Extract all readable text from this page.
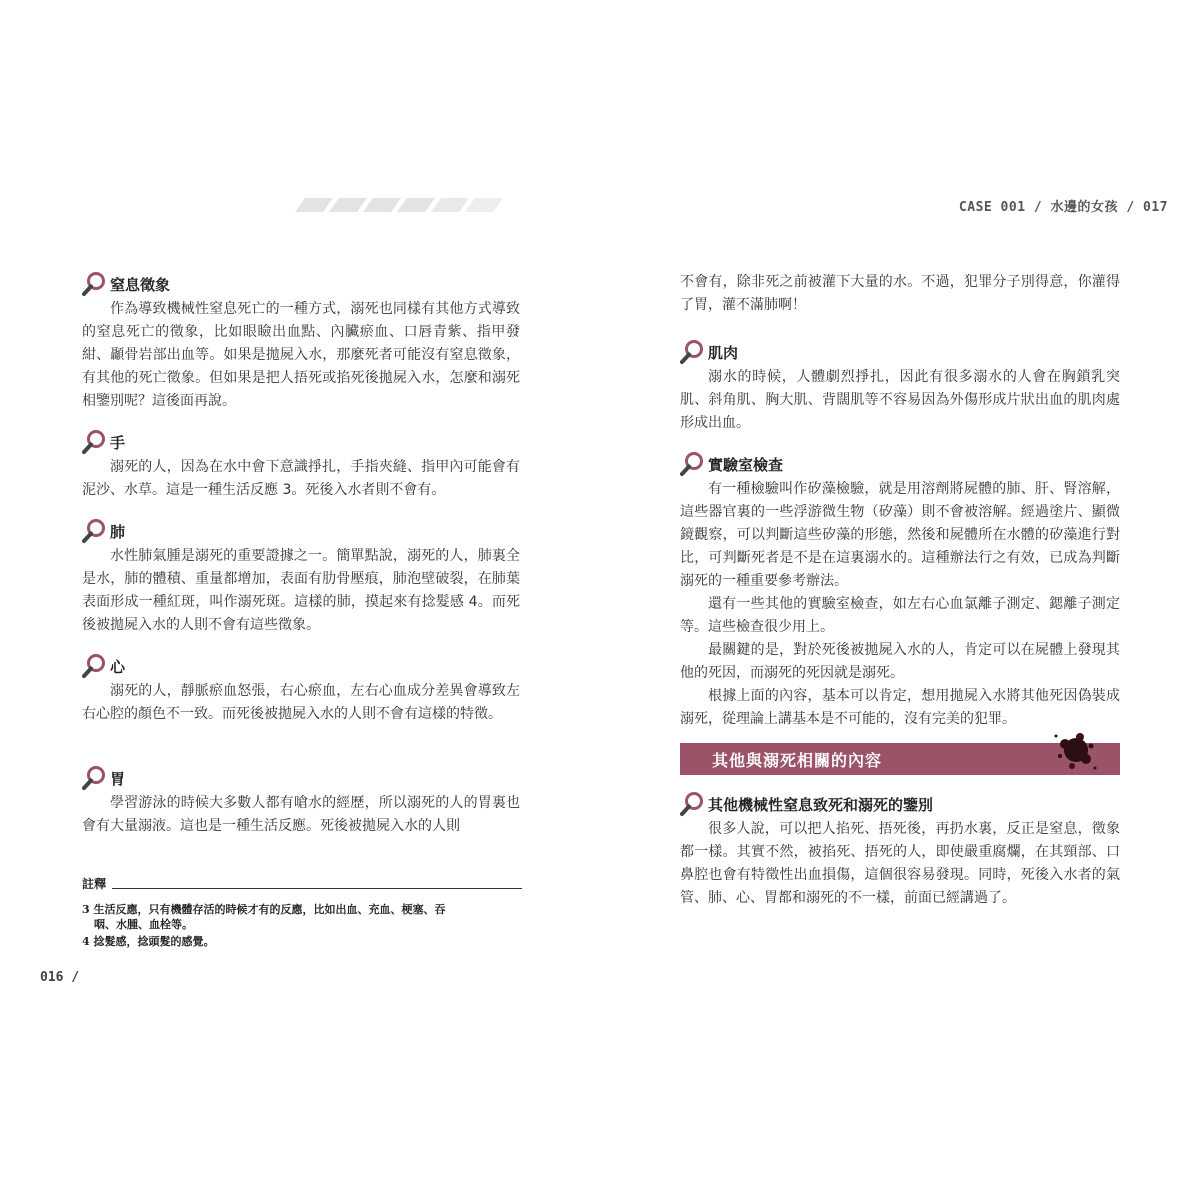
CASE 001 / 水邊的女孩 / 017
窒息徵象

作為導致機械性窒息死亡的一種方式，溺死也同樣有其他方式導致的窒息死亡的徵象，比如眼瞼出血點、內臟瘀血、口唇青紫、指甲發紺、顳骨岩部出血等。如果是拋屍入水，那麼死者可能沒有窒息徵象，有其他的死亡徵象。但如果是把人捂死或掐死後拋屍入水，怎麼和溺死相鑒別呢？這後面再說。

手

溺死的人，因為在水中會下意識掙扎，手指夾縫、指甲內可能會有泥沙、水草。這是一種生活反應 3。死後入水者則不會有。

肺

水性肺氣腫是溺死的重要證據之一。簡單點說，溺死的人，肺裏全是水，肺的體積、重量都增加，表面有肋骨壓痕，肺泡壁破裂，在肺葉表面形成一種紅斑，叫作溺死斑。這樣的肺，摸起來有捻髮感 4。而死後被拋屍入水的人則不會有這些徵象。

心

溺死的人，靜脈瘀血怒張，右心瘀血，左右心血成分差異會導致左右心腔的顏色不一致。而死後被拋屍入水的人則不會有這樣的特徵。

胃

學習游泳的時候大多數人都有嗆水的經歷，所以溺死的人的胃裏也會有大量溺液。這也是一種生活反應。死後被拋屍入水的人則

註釋
3 生活反應，只有機體存活的時候才有的反應，比如出血、充血、梗塞、吞
咽、水腫、血栓等。
4 捻髮感，捻頭髮的感覺。
016 /

不會有，除非死之前被灌下大量的水。不過，犯罪分子別得意，你灌得了胃，灌不滿肺啊！

肌肉

溺水的時候，人體劇烈掙扎，因此有很多溺水的人會在胸鎖乳突肌、斜角肌、胸大肌、背闊肌等不容易因為外傷形成片狀出血的肌肉處形成出血。

實驗室檢查

有一種檢驗叫作矽藻檢驗，就是用溶劑將屍體的肺、肝、腎溶解，這些器官裏的一些浮游微生物（矽藻）則不會被溶解。經過塗片、顯微鏡觀察，可以判斷這些矽藻的形態，然後和屍體所在水體的矽藻進行對比，可判斷死者是不是在這裏溺水的。這種辦法行之有效，已成為判斷溺死的一種重要參考辦法。

還有一些其他的實驗室檢查，如左右心血氯離子測定、鍶離子測定等。這些檢查很少用上。

最關鍵的是，對於死後被拋屍入水的人，肯定可以在屍體上發現其他的死因，而溺死的死因就是溺死。

根據上面的內容，基本可以肯定，想用拋屍入水將其他死因偽裝成溺死，從理論上講基本是不可能的，沒有完美的犯罪。

其他與溺死相關的內容
其他機械性窒息致死和溺死的鑒別

很多人說，可以把人掐死、捂死後，再扔水裏，反正是窒息，徵象都一樣。其實不然，被掐死、捂死的人，即使嚴重腐爛，在其頸部、口鼻腔也會有特徵性出血損傷，這個很容易發現。同時，死後入水者的氣管、肺、心、胃都和溺死的不一樣，前面已經講過了。
